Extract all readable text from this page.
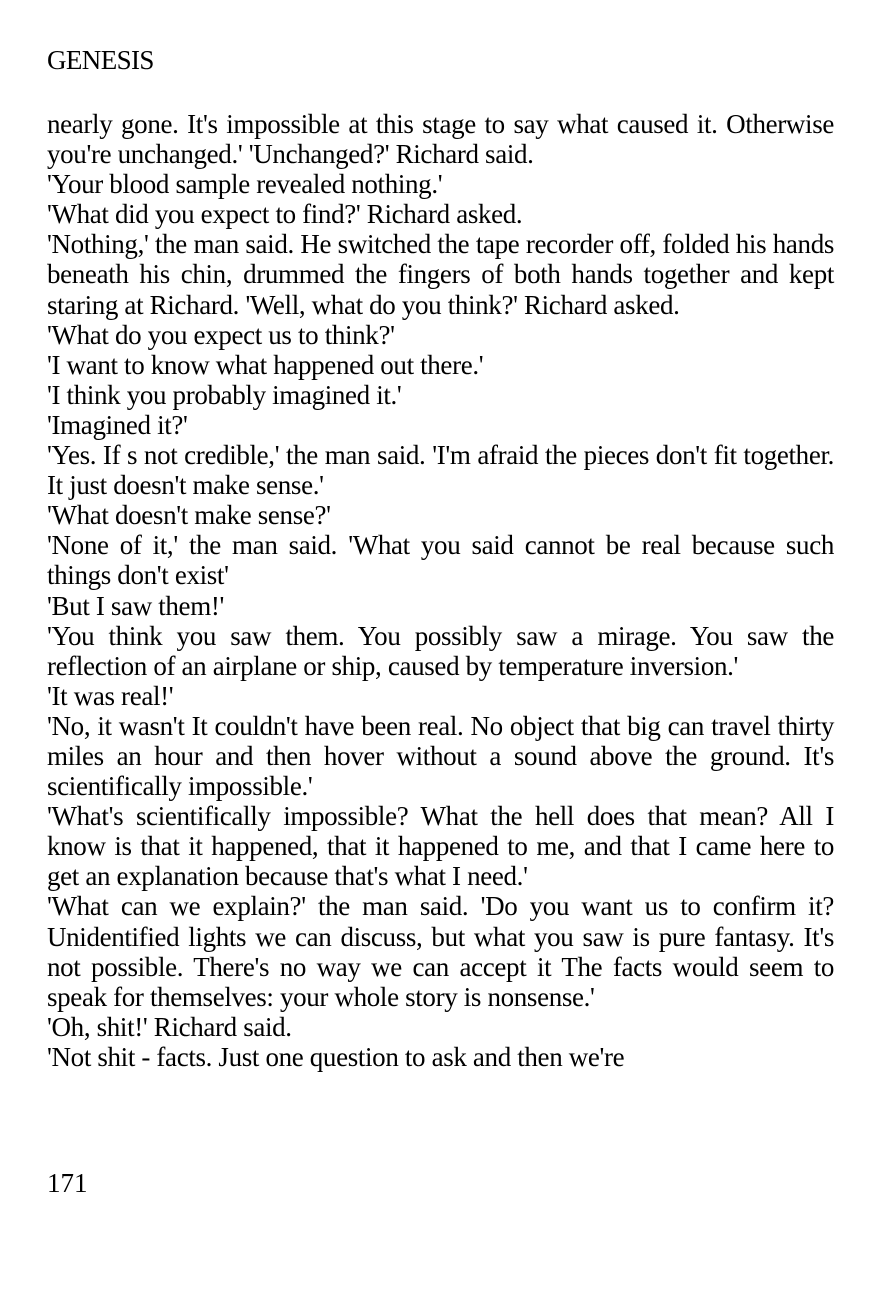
GENESIS

nearly gone. It's impossible at this stage to say what caused it. Otherwise you're unchanged.' 'Unchanged?' Richard said.

'Your blood sample revealed nothing.'

'What did you expect to find?' Richard asked.

'Nothing,' the man said. He switched the tape recorder off, folded his hands beneath his chin, drummed the fingers of both hands together and kept staring at Richard. 'Well, what do you think?' Richard asked.

'What do you expect us to think?'

'I want to know what happened out there.'

'I think you probably imagined it.'

'Imagined it?'

'Yes. If s not credible,' the man said. 'I'm afraid the pieces don't fit together. It just doesn't make sense.'

'What doesn't make sense?'

'None of it,' the man said. 'What you said cannot be real because such things don't exist'

'But I saw them!'

'You think you saw them. You possibly saw a mirage. You saw the reflection of an airplane or ship, caused by temperature inversion.'

'It was real!'

'No, it wasn't It couldn't have been real. No object that big can travel thirty miles an hour and then hover without a sound above the ground. It's scientifically impossible.'

'What's scientifically impossible? What the hell does that mean? All I know is that it happened, that it happened to me, and that I came here to get an explanation because that's what I need.'

'What can we explain?' the man said. 'Do you want us to confirm it? Unidentified lights we can discuss, but what you saw is pure fantasy. It's not possible. There's no way we can accept it The facts would seem to speak for themselves: your whole story is nonsense.'

'Oh, shit!' Richard said.

'Not shit - facts. Just one question to ask and then we're

171
